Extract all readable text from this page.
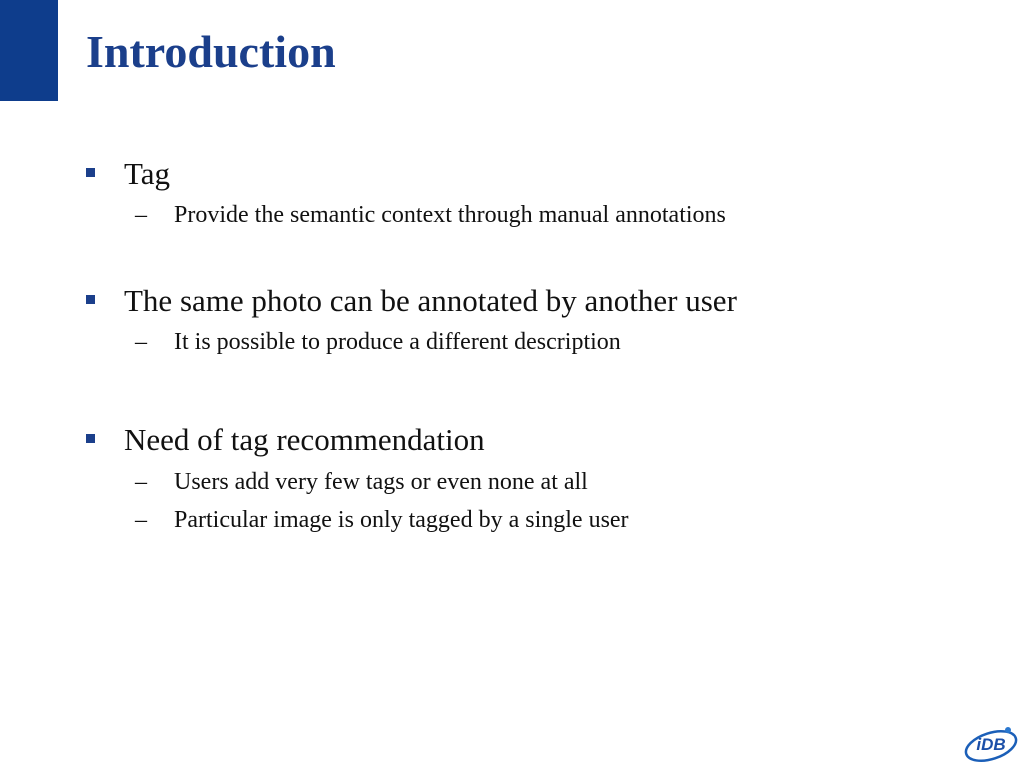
Introduction
Tag
– Provide the semantic context through manual annotations
The same photo can be annotated by another user
– It is possible to produce a different description
Need of tag recommendation
– Users add very few tags or even none at all
– Particular image is only tagged by a single user
iDB
